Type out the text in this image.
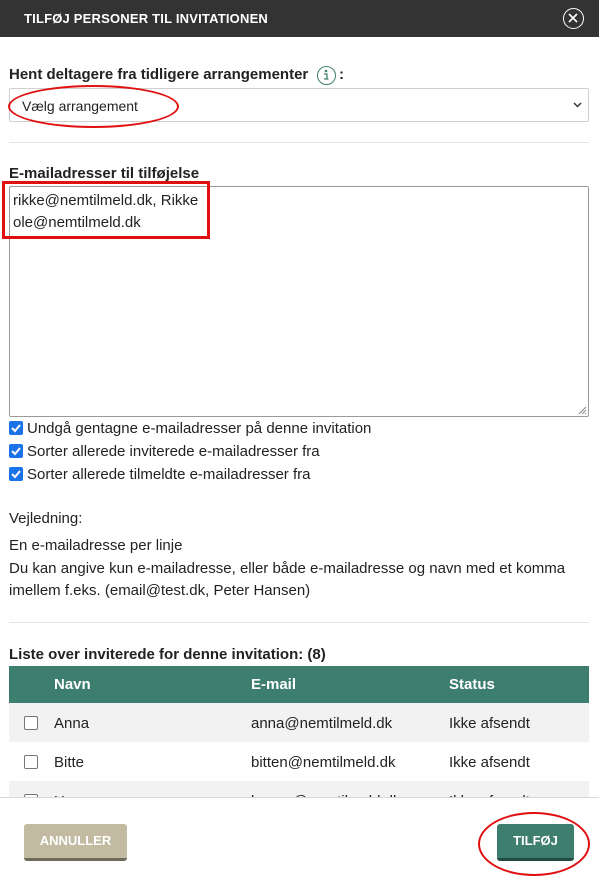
TILFØJ PERSONER TIL INVITATIONEN
Hent deltagere fra tidligere arrangementer :
Vælg arrangement
E-mailadresser til tilføjelse
rikke@nemtilmeld.dk, Rikke
ole@nemtilmeld.dk
Undgå gentagne e-mailadresser på denne invitation
Sorter allerede inviterede e-mailadresser fra
Sorter allerede tilmeldte e-mailadresser fra
Vejledning:
En e-mailadresse per linje
Du kan angive kun e-mailadresse, eller både e-mailadresse og navn med et komma
imellem f.eks. (email@test.dk, Peter Hansen)
Liste over inviterede for denne invitation: (8)
Navn	E-mail	Status
Anna	anna@nemtilmeld.dk	Ikke afsendt
Bitte	bitten@nemtilmeld.dk	Ikke afsendt
ANNULLER	TILFØJ
